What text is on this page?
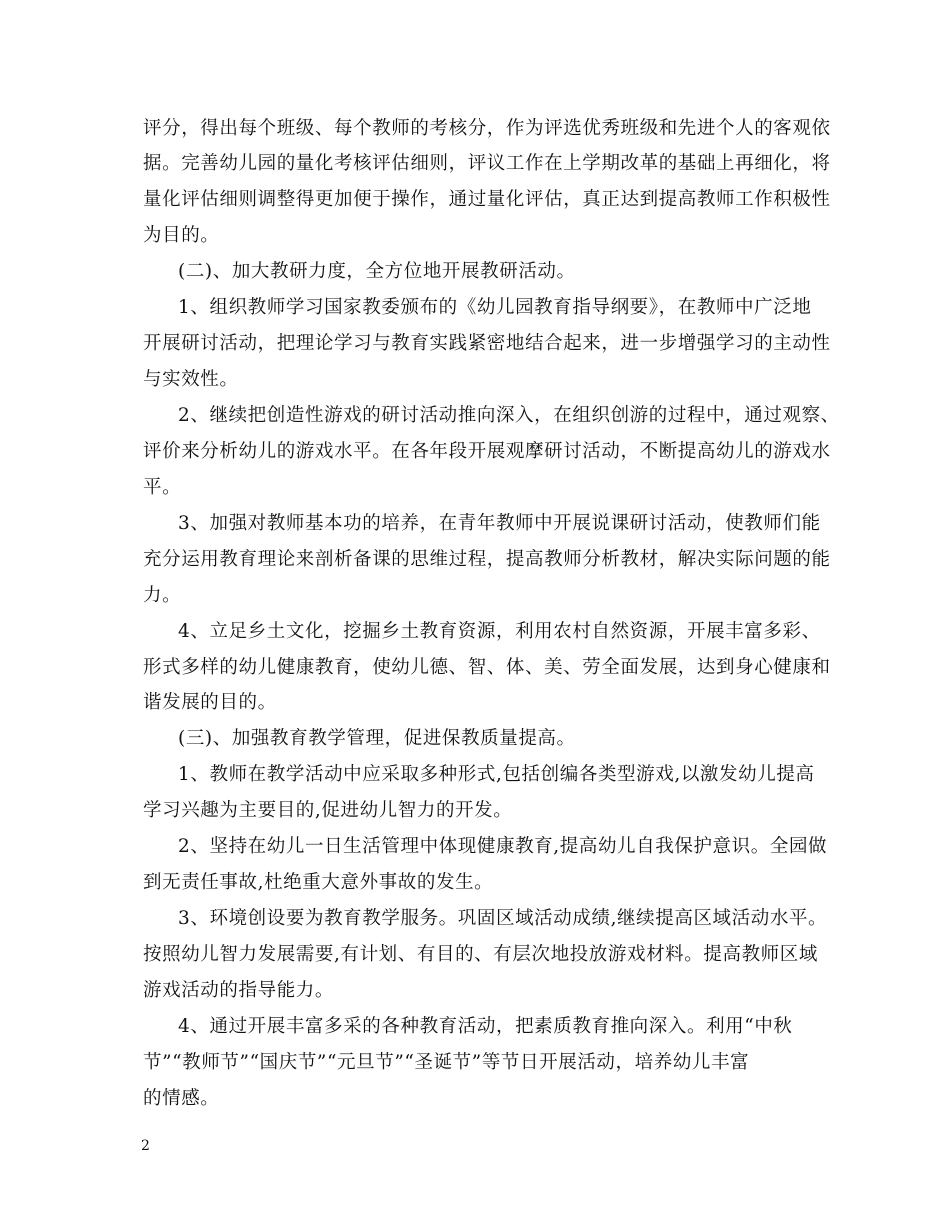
评分，得出每个班级、每个教师的考核分，作为评选优秀班级和先进个人的客观依
据。完善幼儿园的量化考核评估细则，评议工作在上学期改革的基础上再细化，将
量化评估细则调整得更加便于操作，通过量化评估，真正达到提高教师工作积极性
为目的。
(二)、加大教研力度，全方位地开展教研活动。
1、组织教师学习国家教委颁布的《幼儿园教育指导纲要》，在教师中广泛地
开展研讨活动，把理论学习与教育实践紧密地结合起来，进一步增强学习的主动性
与实效性。
2、继续把创造性游戏的研讨活动推向深入，在组织创游的过程中，通过观察、
评价来分析幼儿的游戏水平。在各年段开展观摩研讨活动，不断提高幼儿的游戏水
平。
3、加强对教师基本功的培养，在青年教师中开展说课研讨活动，使教师们能
充分运用教育理论来剖析备课的思维过程，提高教师分析教材，解决实际问题的能
力。
4、立足乡土文化，挖掘乡土教育资源，利用农村自然资源，开展丰富多彩、
形式多样的幼儿健康教育，使幼儿德、智、体、美、劳全面发展，达到身心健康和
谐发展的目的。
(三)、加强教育教学管理，促进保教质量提高。
1、教师在教学活动中应采取多种形式,包括创编各类型游戏,以激发幼儿提高
学习兴趣为主要目的,促进幼儿智力的开发。
2、坚持在幼儿一日生活管理中体现健康教育,提高幼儿自我保护意识。全园做
到无责任事故,杜绝重大意外事故的发生。
3、环境创设要为教育教学服务。巩固区域活动成绩,继续提高区域活动水平。
按照幼儿智力发展需要,有计划、有目的、有层次地投放游戏材料。提高教师区域
游戏活动的指导能力。
4、通过开展丰富多采的各种教育活动，把素质教育推向深入。利用“中秋
节”“教师节”“国庆节”“元旦节”“圣诞节”等节日开展活动，培养幼儿丰富
的情感。
2
